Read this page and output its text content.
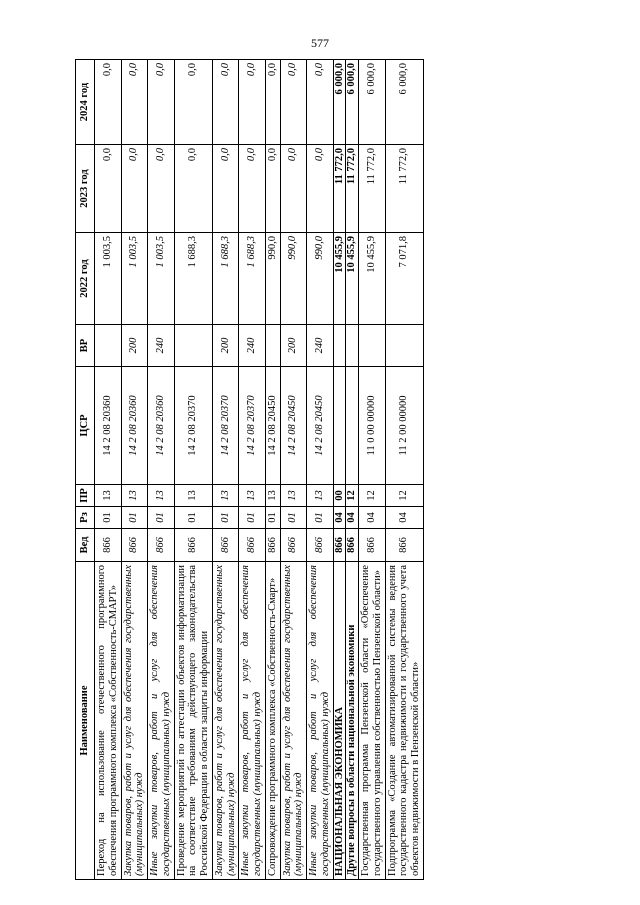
577
Наименование	Вед	Рз	ПР	ЦСР	ВР	2022 год	2023 год	2024 год
Переход на использование отечественного программного обеспечения программного комплекса «Собственность-СМАРТ»	866	01	13	14 2 08 20360		1 003,5	0,0	0,0
Закупка товаров, работ и услуг для обеспечения государственных (муниципальных) нужд	866	01	13	14 2 08 20360	200	1 003,5	0,0	0,0
Иные закупки товаров, работ и услуг для обеспечения государственных (муниципальных) нужд	866	01	13	14 2 08 20360	240	1 003,5	0,0	0,0
Проведение мероприятий по аттестации объектов информатизации на соответствие требованиям действующего законодательства Российской Федерации в области защиты информации	866	01	13	14 2 08 20370		1 688,3	0,0	0,0
Закупка товаров, работ и услуг для обеспечения государственных (муниципальных) нужд	866	01	13	14 2 08 20370	200	1 688,3	0,0	0,0
Иные закупки товаров, работ и услуг для обеспечения государственных (муниципальных) нужд	866	01	13	14 2 08 20370	240	1 688,3	0,0	0,0
Сопровождение программного комплекса «Собственность-Смарт»	866	01	13	14 2 08 20450		990,0	0,0	0,0
Закупка товаров, работ и услуг для обеспечения государственных (муниципальных) нужд	866	01	13	14 2 08 20450	200	990,0	0,0	0,0
Иные закупки товаров, работ и услуг для обеспечения государственных (муниципальных) нужд	866	01	13	14 2 08 20450	240	990,0	0,0	0,0
НАЦИОНАЛЬНАЯ ЭКОНОМИКА	866	04	00			10 455,9	11 772,0	6 000,0
Другие вопросы в области национальной экономики	866	04	12			10 455,9	11 772,0	6 000,0
Государственная программа Пензенской области «Обеспечение государственного управления собственностью Пензенской области»	866	04	12	11 0 00 00000		10 455,9	11 772,0	6 000,0
Подпрограмма «Создание автоматизированной системы ведения государственного кадастра недвижимости и государственного учета объектов недвижимости в Пензенской области»	866	04	12	11 2 00 00000		7 071,8	11 772,0	6 000,0
